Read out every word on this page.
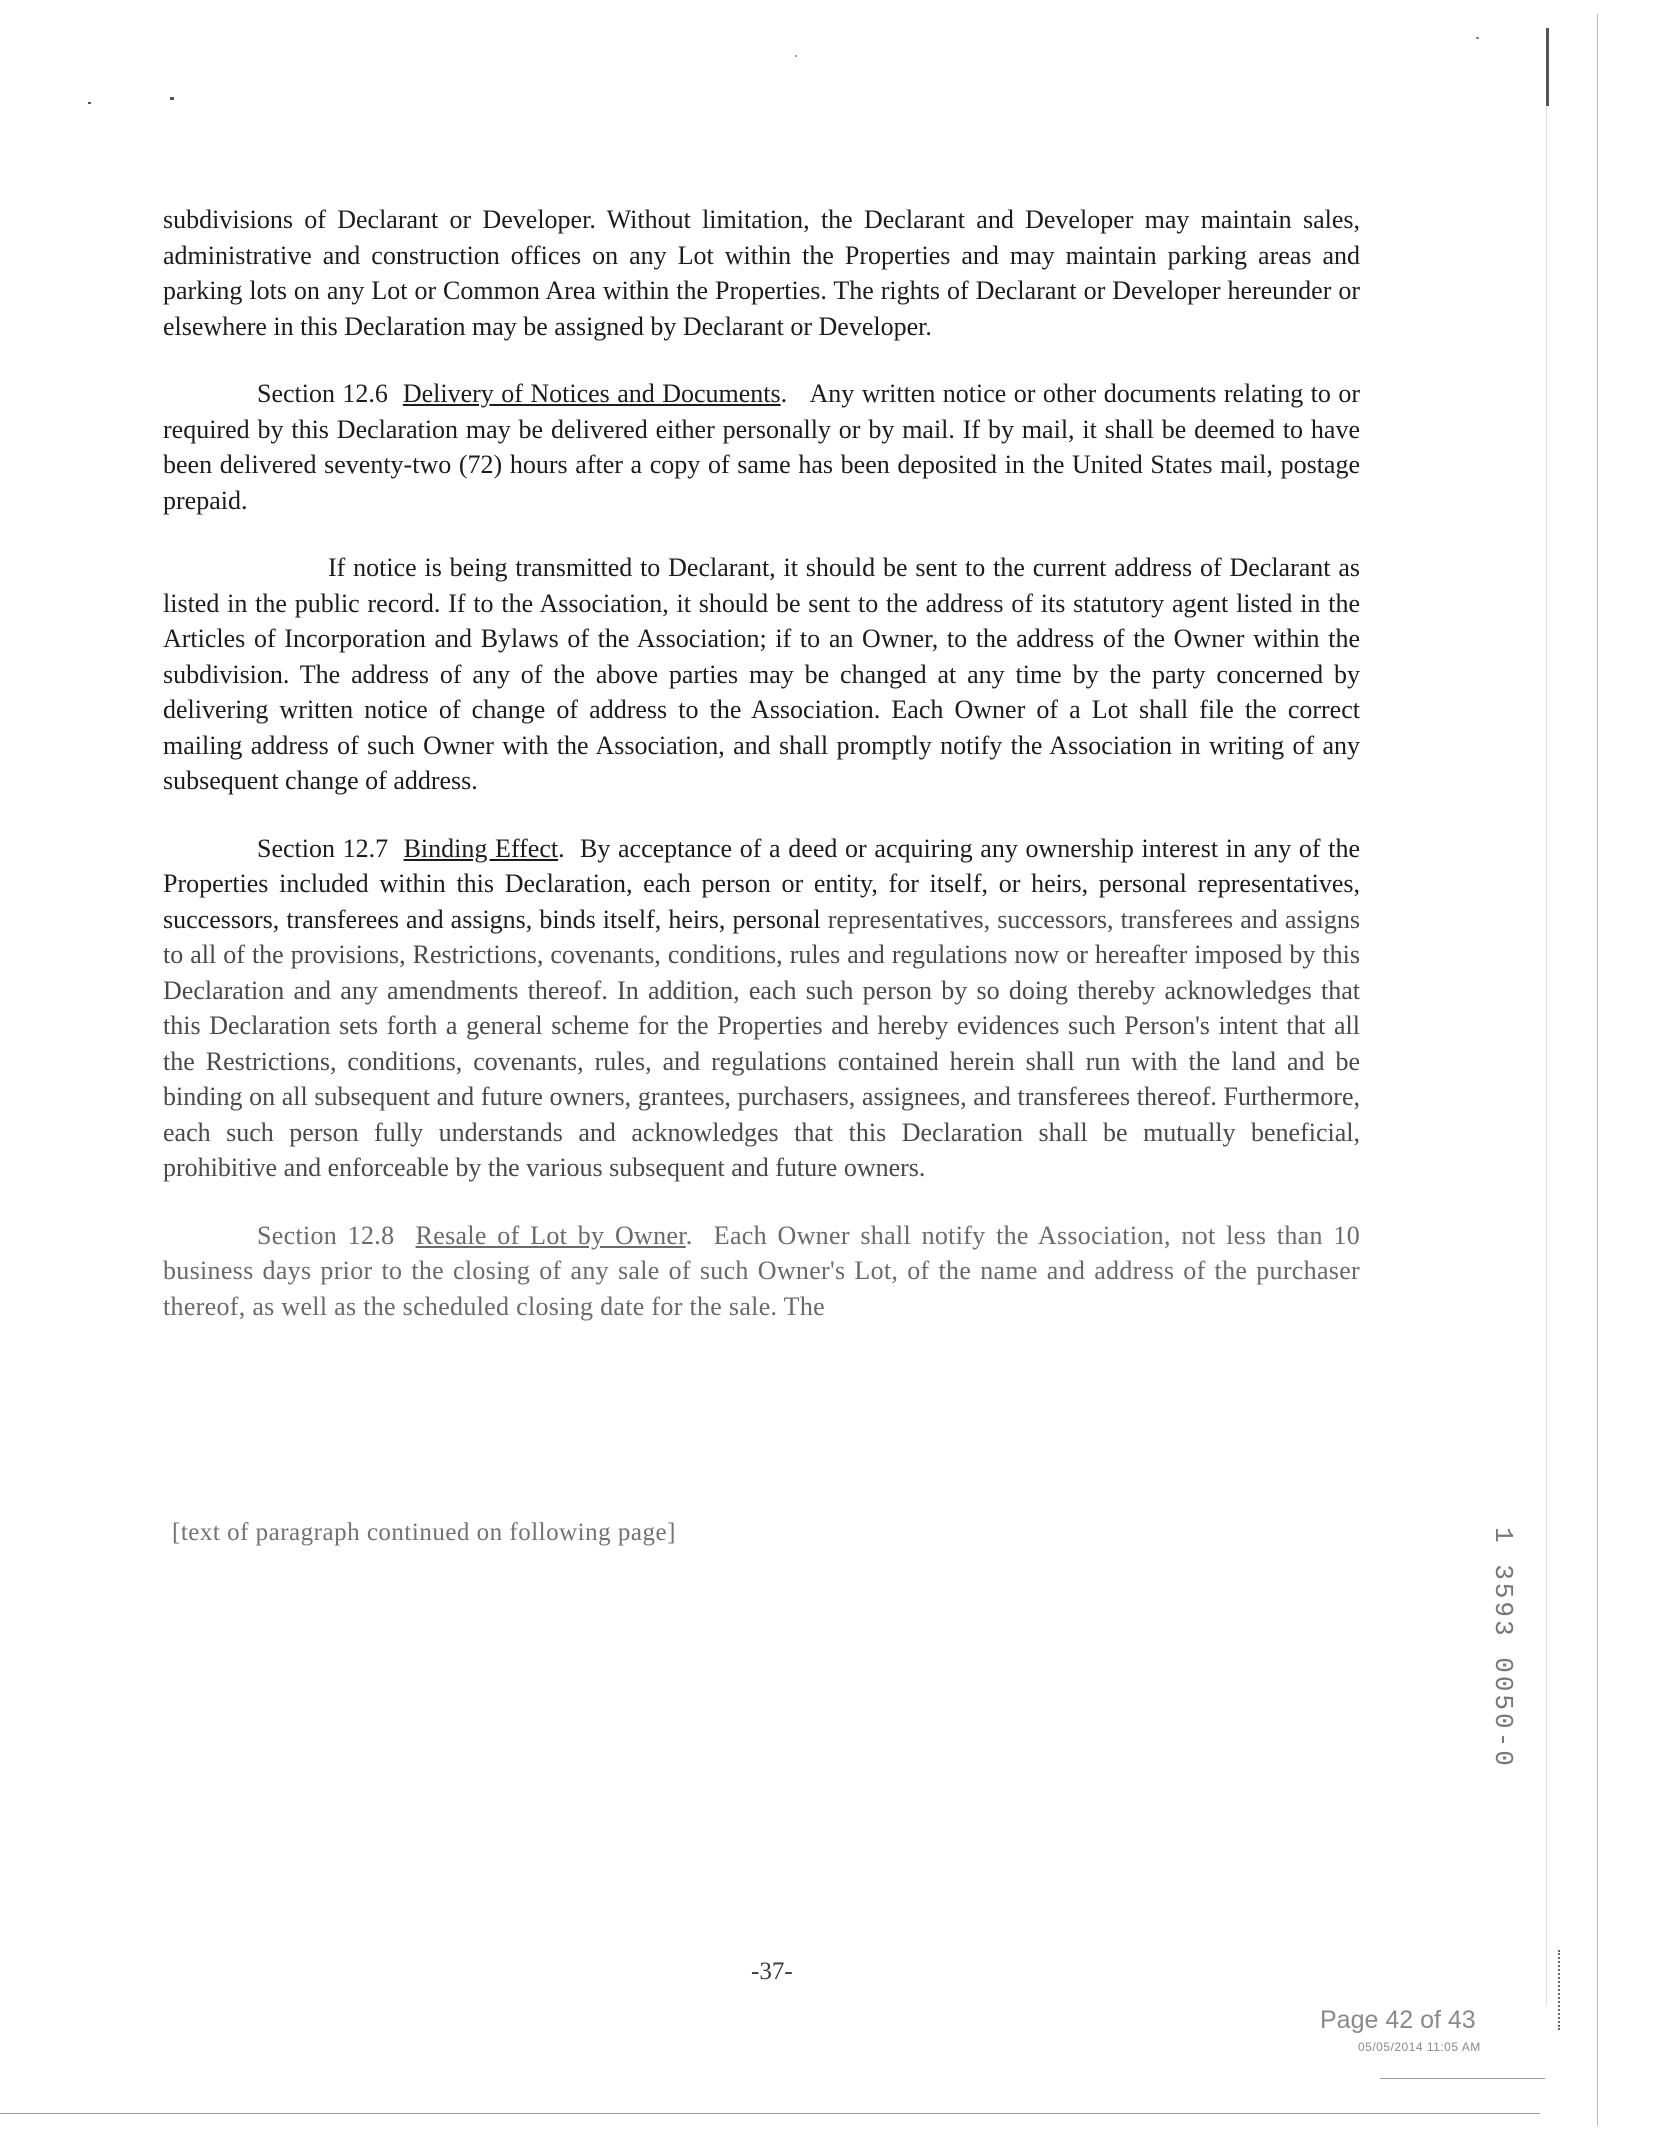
subdivisions of Declarant or Developer. Without limitation, the Declarant and Developer may maintain sales, administrative and construction offices on any Lot within the Properties and may maintain parking areas and parking lots on any Lot or Common Area within the Properties. The rights of Declarant or Developer hereunder or elsewhere in this Declaration may be assigned by Declarant or Developer.

Section 12.6 Delivery of Notices and Documents.   Any written notice or other documents relating to or required by this Declaration may be delivered either personally or by mail. If by mail, it shall be deemed to have been delivered seventy-two (72) hours after a copy of same has been deposited in the United States mail, postage prepaid.

If notice is being transmitted to Declarant, it should be sent to the current address of Declarant as listed in the public record. If to the Association, it should be sent to the address of its statutory agent listed in the Articles of Incorporation and Bylaws of the Association; if to an Owner, to the address of the Owner within the subdivision. The address of any of the above parties may be changed at any time by the party concerned by delivering written notice of change of address to the Association. Each Owner of a Lot shall file the correct mailing address of such Owner with the Association, and shall promptly notify the Association in writing of any subsequent change of address.

Section 12.7 Binding Effect.  By acceptance of a deed or acquiring any ownership interest in any of the Properties included within this Declaration, each person or entity, for itself, or heirs, personal representatives, successors, transferees and assigns, binds itself, heirs, personal representatives, successors, transferees and assigns to all of the provisions, Restrictions, covenants, conditions, rules and regulations now or hereafter imposed by this Declaration and any amendments thereof. In addition, each such person by so doing thereby acknowledges that this Declaration sets forth a general scheme for the Properties and hereby evidences such Person's intent that all the Restrictions, conditions, covenants, rules, and regulations contained herein shall run with the land and be binding on all subsequent and future owners, grantees, purchasers, assignees, and transferees thereof. Furthermore, each such person fully understands and acknowledges that this Declaration shall be mutually beneficial, prohibitive and enforceable by the various subsequent and future owners.

Section 12.8 Resale of Lot by Owner.  Each Owner shall notify the Association, not less than 10 business days prior to the closing of any sale of such Owner's Lot, of the name and address of the purchaser thereof, as well as the scheduled closing date for the sale. The

[text of paragraph continued on following page]
-37-
Page 42 of 43
05/05/2014 11:05 AM
1 3593 0050-0
